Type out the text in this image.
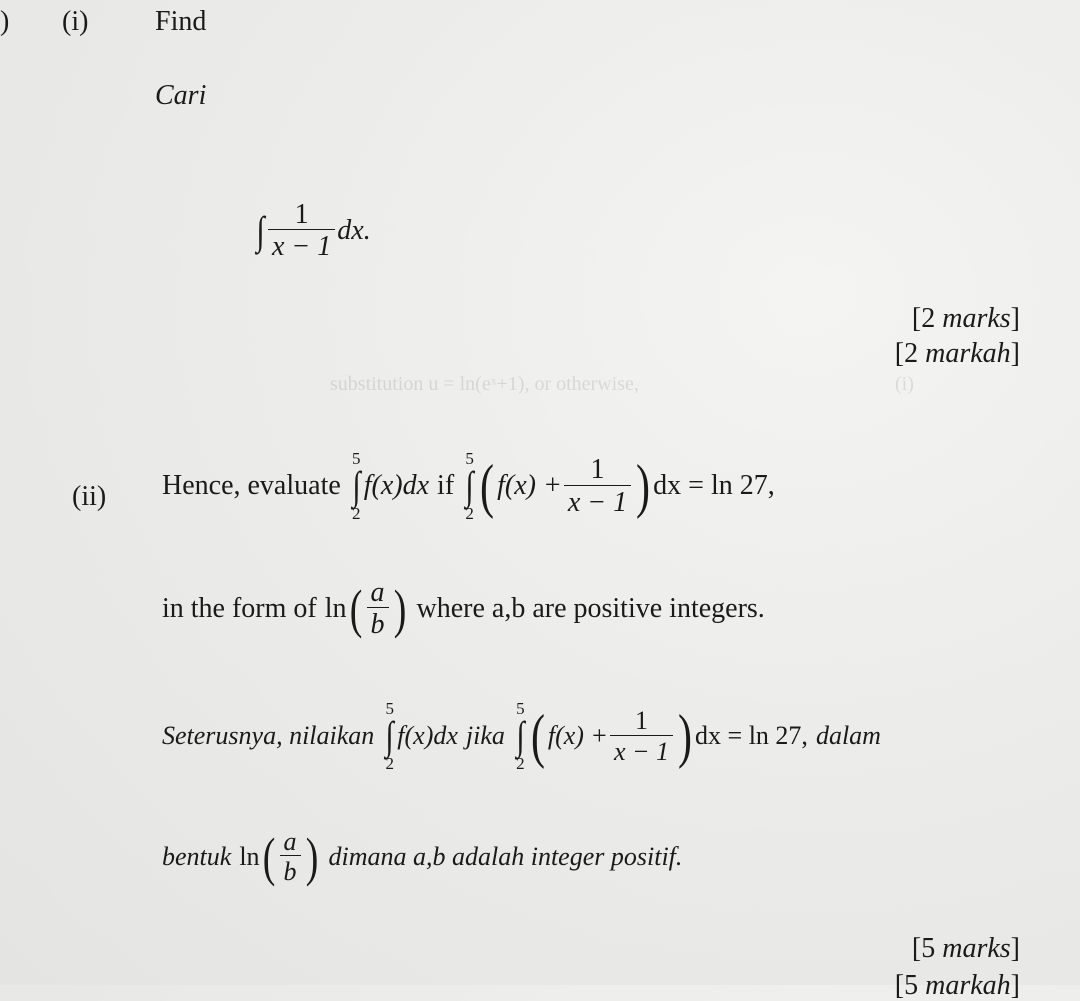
substitution u = ln(eˣ+1), or otherwise,	(i)
) (i) Find
Cari
∫ $\frac{1}{x - 1}$ dx.
[2 marks]
[2 markah]
(ii) Hence, evaluate
5
∫
2
f(x)dx if
5
∫
2 ( $f(x) + \frac{1}{x - 1}$ ) dx = ln 27,
in the form of ln ( $\frac{a}{b}$ ) where a,b are positive integers.
Seterusnya, nilaikan
5
∫
2
f(x)dx jika
5
∫
2 ( $f(x) + \frac{1}{x - 1}$ ) dx = ln 27, dalam
bentuk ln ( $\frac{a}{b}$ ) dimana a,b adalah integer positif.
[5 marks]
[5 markah]
